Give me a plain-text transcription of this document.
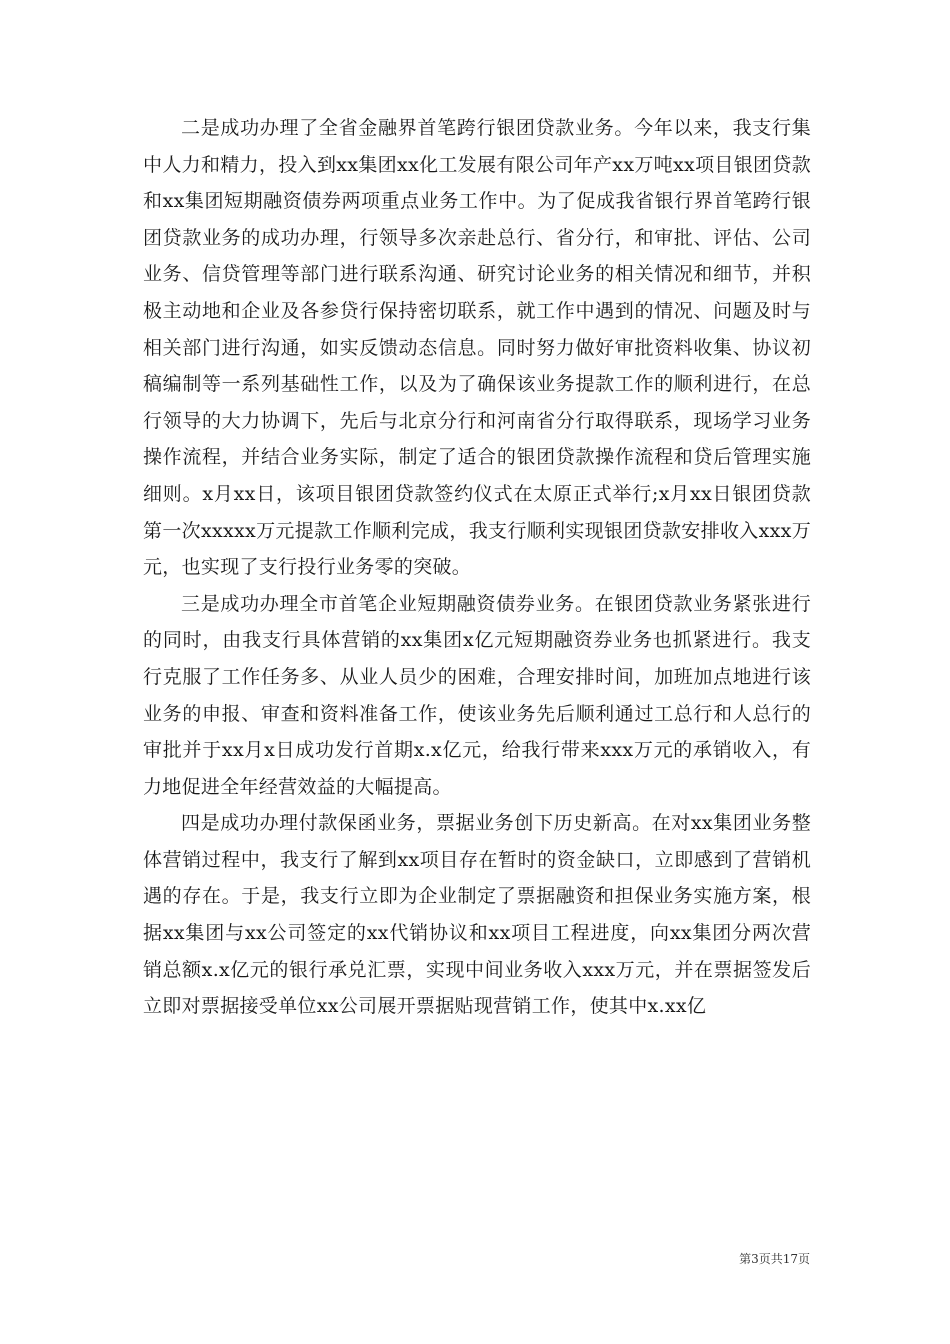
二是成功办理了全省金融界首笔跨行银团贷款业务。今年以来，我支行集中人力和精力，投入到xx集团xx化工发展有限公司年产xx万吨xx项目银团贷款和xx集团短期融资债券两项重点业务工作中。为了促成我省银行界首笔跨行银团贷款业务的成功办理，行领导多次亲赴总行、省分行，和审批、评估、公司业务、信贷管理等部门进行联系沟通、研究讨论业务的相关情况和细节，并积极主动地和企业及各参贷行保持密切联系，就工作中遇到的情况、问题及时与相关部门进行沟通，如实反馈动态信息。同时努力做好审批资料收集、协议初稿编制等一系列基础性工作，以及为了确保该业务提款工作的顺利进行，在总行领导的大力协调下，先后与北京分行和河南省分行取得联系，现场学习业务操作流程，并结合业务实际，制定了适合的银团贷款操作流程和贷后管理实施细则。x月xx日，该项目银团贷款签约仪式在太原正式举行;x月xx日银团贷款第一次xxxxx万元提款工作顺利完成，我支行顺利实现银团贷款安排收入xxx万元，也实现了支行投行业务零的突破。

三是成功办理全市首笔企业短期融资债券业务。在银团贷款业务紧张进行的同时，由我支行具体营销的xx集团x亿元短期融资券业务也抓紧进行。我支行克服了工作任务多、从业人员少的困难，合理安排时间，加班加点地进行该业务的申报、审查和资料准备工作，使该业务先后顺利通过工总行和人总行的审批并于xx月x日成功发行首期x.x亿元，给我行带来xxx万元的承销收入，有力地促进全年经营效益的大幅提高。

四是成功办理付款保函业务，票据业务创下历史新高。在对xx集团业务整体营销过程中，我支行了解到xx项目存在暂时的资金缺口，立即感到了营销机遇的存在。于是，我支行立即为企业制定了票据融资和担保业务实施方案，根据xx集团与xx公司签定的xx代销协议和xx项目工程进度，向xx集团分两次营销总额x.x亿元的银行承兑汇票，实现中间业务收入xxx万元，并在票据签发后立即对票据接受单位xx公司展开票据贴现营销工作，使其中x.xx亿

第3页共17页
